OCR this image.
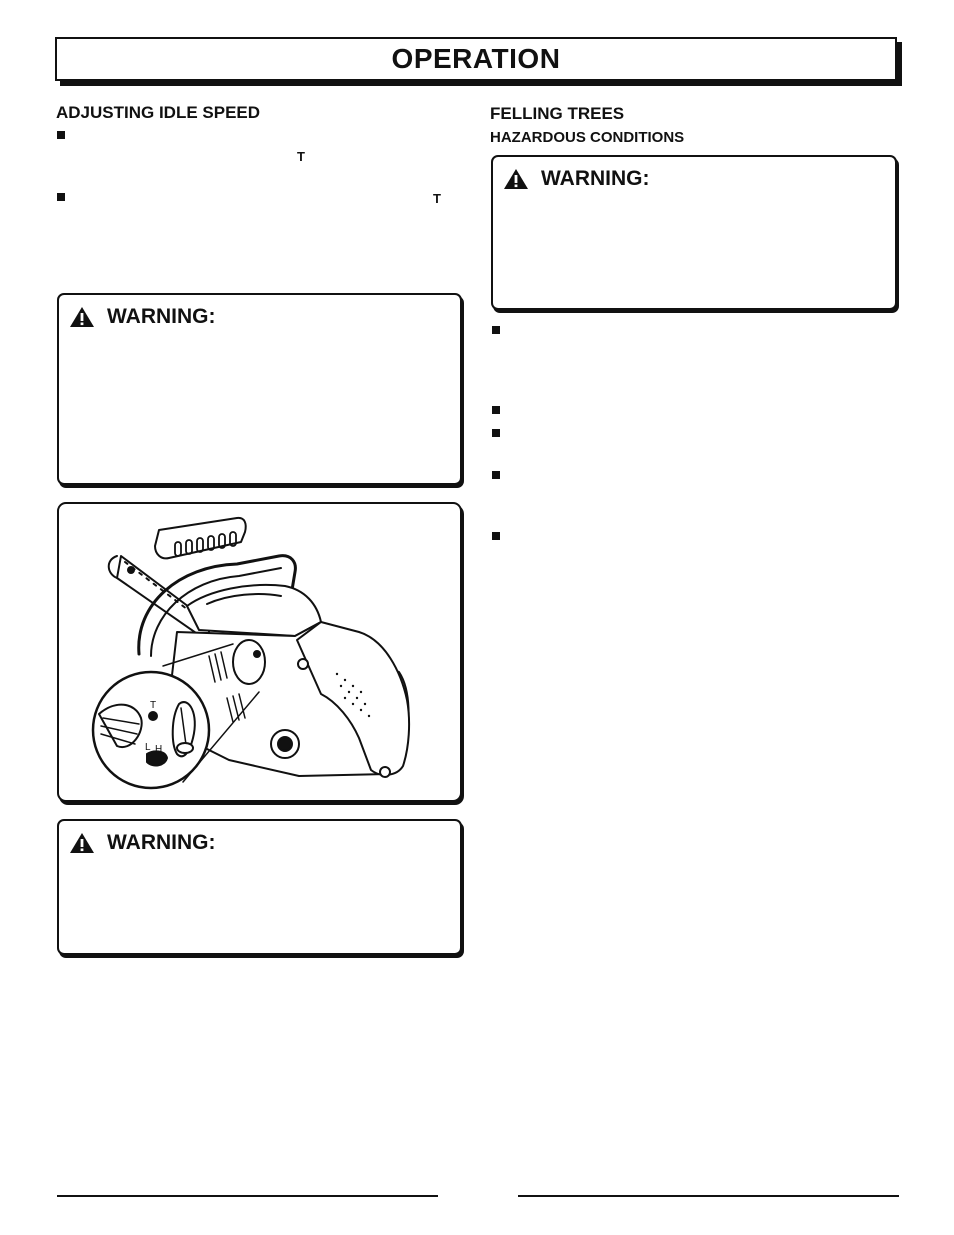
OPERATION

ADJUSTING IDLE SPEED

T
T
WARNING:
T
L H
WARNING:

FELLING TREES

HAZARDOUS CONDITIONS

WARNING:
